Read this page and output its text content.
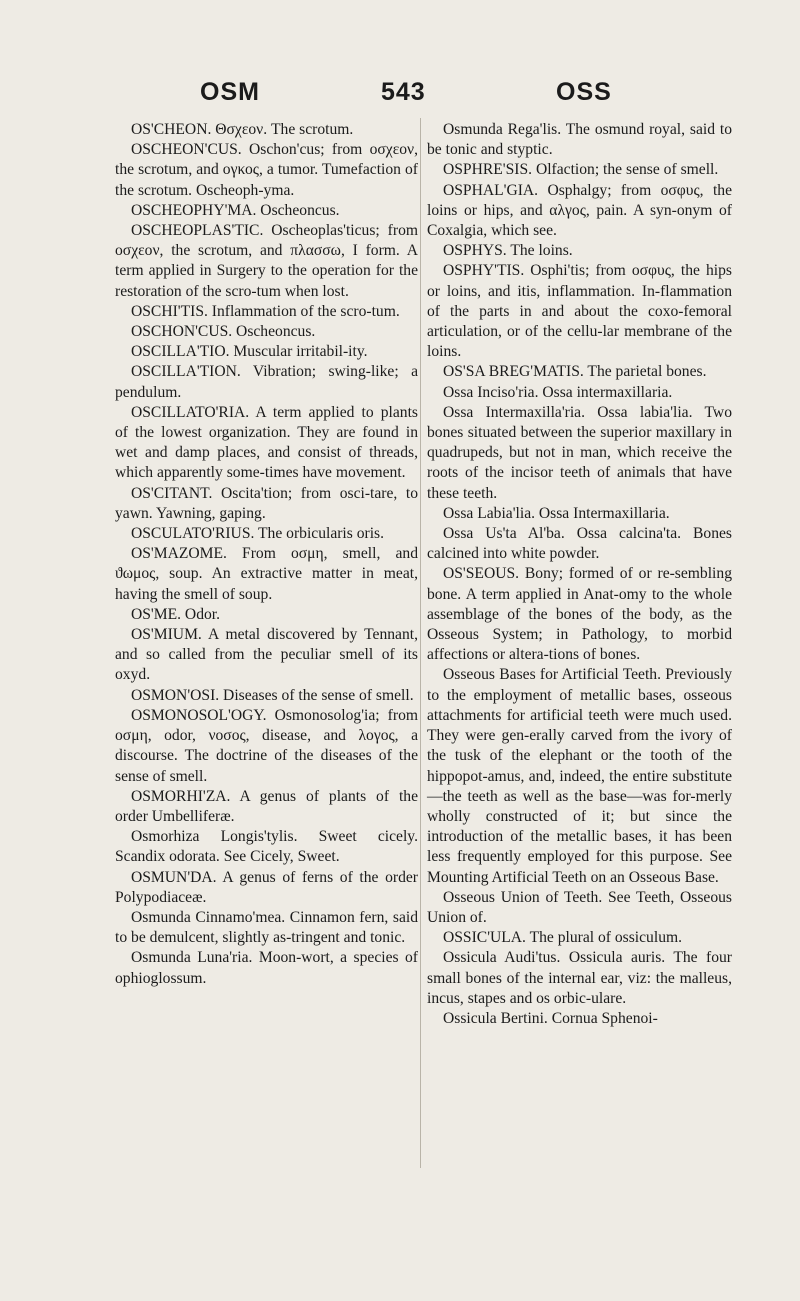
OSM	543	OSS

OS'CHEON. Θσχεον. The scrotum.

OSCHEON'CUS. Oschon'cus; from οσχεον, the scrotum, and ογκος, a tumor. Tumefaction of the scrotum. Oscheoph-yma.

OSCHEOPHY'MA. Oscheoncus.

OSCHEOPLAS'TIC. Oscheoplas'ticus; from οσχεον, the scrotum, and πλασσω, I form. A term applied in Surgery to the operation for the restoration of the scro-tum when lost.

OSCHI'TIS. Inflammation of the scro-tum.

OSCHON'CUS. Oscheoncus.

OSCILLA'TIO. Muscular irritabil-ity.

OSCILLA'TION. Vibration; swing-like; a pendulum.

OSCILLATO'RIA. A term applied to plants of the lowest organization. They are found in wet and damp places, and consist of threads, which apparently some-times have movement.

OS'CITANT. Oscita'tion; from osci-tare, to yawn. Yawning, gaping.

OSCULATO'RIUS. The orbicularis oris.

OS'MAZOME. From οσμη, smell, and ϑωμος, soup. An extractive matter in meat, having the smell of soup.

OS'ME. Odor.

OS'MIUM. A metal discovered by Tennant, and so called from the peculiar smell of its oxyd.

OSMON'OSI. Diseases of the sense of smell.

OSMONOSOL'OGY. Osmonosolog'ia; from οσμη, odor, νοσος, disease, and λογος, a discourse. The doctrine of the diseases of the sense of smell.

OSMORHI'ZA. A genus of plants of the order Umbelliferæ.

Osmorhiza Longis'tylis. Sweet cicely. Scandix odorata. See Cicely, Sweet.

OSMUN'DA. A genus of ferns of the order Polypodiaceæ.

Osmunda Cinnamo'mea. Cinnamon fern, said to be demulcent, slightly as-tringent and tonic.

Osmunda Luna'ria. Moon-wort, a species of ophioglossum.

Osmunda Rega'lis. The osmund royal, said to be tonic and styptic.

OSPHRE'SIS. Olfaction; the sense of smell.

OSPHAL'GIA. Osphalgy; from οσφυς, the loins or hips, and αλγος, pain. A syn-onym of Coxalgia, which see.

OSPHYS. The loins.

OSPHY'TIS. Osphi'tis; from οσφυς, the hips or loins, and itis, inflammation. In-flammation of the parts in and about the coxo-femoral articulation, or of the cellu-lar membrane of the loins.

OS'SA BREG'MATIS. The parietal bones.

Ossa Inciso'ria. Ossa intermaxillaria.

Ossa Intermaxilla'ria. Ossa labia'lia. Two bones situated between the superior maxillary in quadrupeds, but not in man, which receive the roots of the incisor teeth of animals that have these teeth.

Ossa Labia'lia. Ossa Intermaxillaria.

Ossa Us'ta Al'ba. Ossa calcina'ta. Bones calcined into white powder.

OS'SEOUS. Bony; formed of or re-sembling bone. A term applied in Anat-omy to the whole assemblage of the bones of the body, as the Osseous System; in Pathology, to morbid affections or altera-tions of bones.

Osseous Bases for Artificial Teeth. Previously to the employment of metallic bases, osseous attachments for artificial teeth were much used. They were gen-erally carved from the ivory of the tusk of the elephant or the tooth of the hippopot-amus, and, indeed, the entire substitute—the teeth as well as the base—was for-merly wholly constructed of it; but since the introduction of the metallic bases, it has been less frequently employed for this purpose. See Mounting Artificial Teeth on an Osseous Base.

Osseous Union of Teeth. See Teeth, Osseous Union of.

OSSIC'ULA. The plural of ossiculum.

Ossicula Audi'tus. Ossicula auris. The four small bones of the internal ear, viz: the malleus, incus, stapes and os orbic-ulare.

Ossicula Bertini. Cornua Sphenoi-
